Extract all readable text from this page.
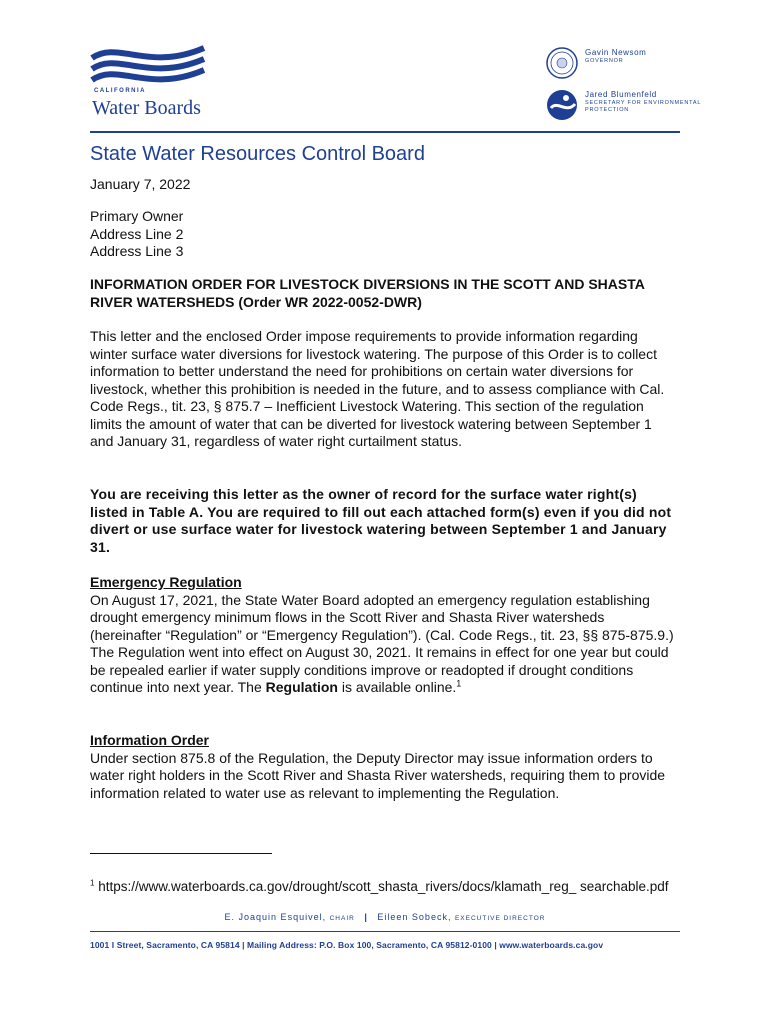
CALIFORNIA
Water Boards
Gavin Newsom
GOVERNOR
Jared Blumenfeld
SECRETARY FOR ENVIRONMENTAL PROTECTION
State Water Resources Control Board
January 7, 2022
Primary Owner
Address Line 2
Address Line 3
INFORMATION ORDER FOR LIVESTOCK DIVERSIONS IN THE SCOTT AND SHASTA RIVER WATERSHEDS (Order WR 2022-0052-DWR)
This letter and the enclosed Order impose requirements to provide information regarding winter surface water diversions for livestock watering. The purpose of this Order is to collect information to better understand the need for prohibitions on certain water diversions for livestock, whether this prohibition is needed in the future, and to assess compliance with Cal. Code Regs., tit. 23, § 875.7 – Inefficient Livestock Watering. This section of the regulation limits the amount of water that can be diverted for livestock watering between September 1 and January 31, regardless of water right curtailment status.
You are receiving this letter as the owner of record for the surface water right(s) listed in Table A. You are required to fill out each attached form(s) even if you did not divert or use surface water for livestock watering between September 1 and January 31.
Emergency Regulation
On August 17, 2021, the State Water Board adopted an emergency regulation establishing drought emergency minimum flows in the Scott River and Shasta River watersheds (hereinafter “Regulation” or “Emergency Regulation”). (Cal. Code Regs., tit. 23, §§ 875-875.9.) The Regulation went into effect on August 30, 2021. It remains in effect for one year but could be repealed earlier if water supply conditions improve or readopted if drought conditions continue into next year. The Regulation is available online.$^1$
Information Order
Under section 875.8 of the Regulation, the Deputy Director may issue information orders to water right holders in the Scott River and Shasta River watersheds, requiring them to provide information related to water use as relevant to implementing the Regulation.
$^1$ https://www.waterboards.ca.gov/drought/scott_shasta_rivers/docs/klamath_reg_ searchable.pdf
E. Joaquin Esquivel, CHAIR | Eileen Sobeck, EXECUTIVE DIRECTOR
1001 I Street, Sacramento, CA 95814 | Mailing Address: P.O. Box 100, Sacramento, CA 95812-0100 | www.waterboards.ca.gov
